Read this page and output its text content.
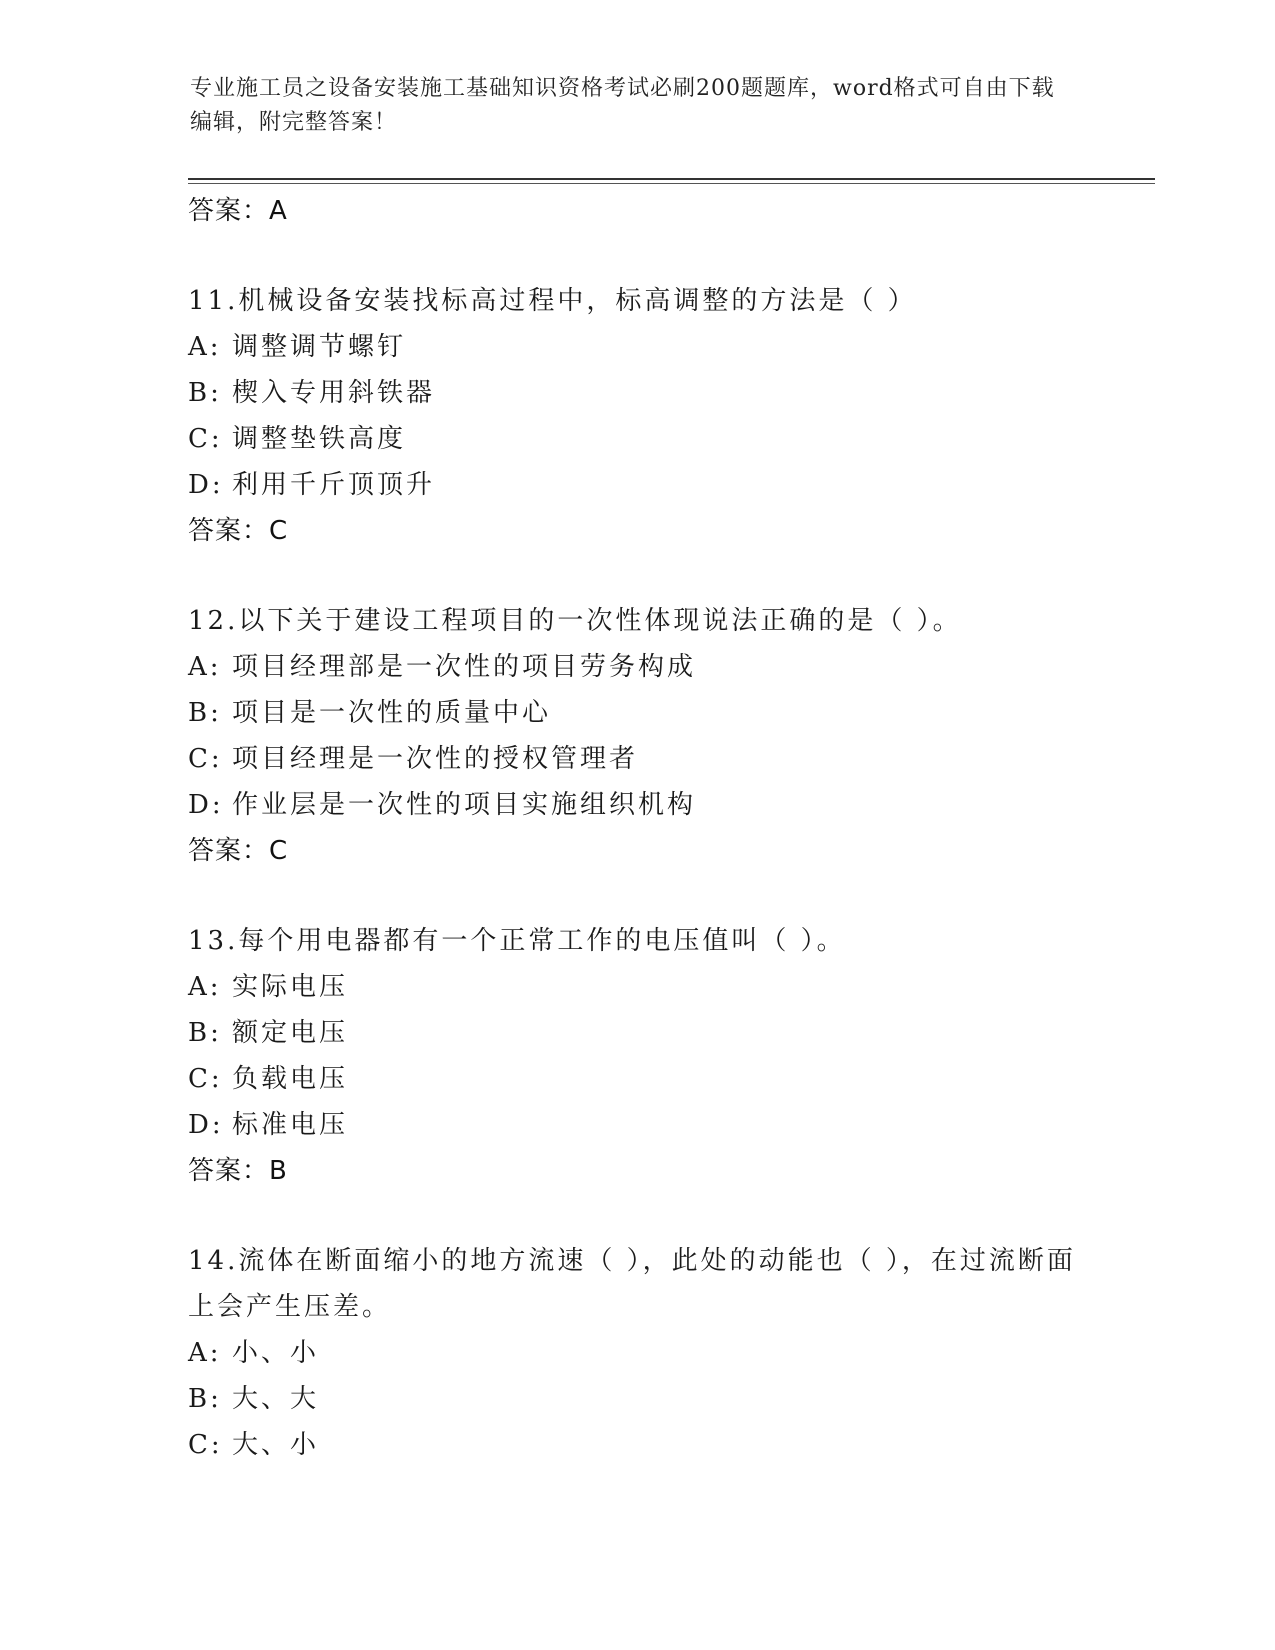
专业施工员之设备安装施工基础知识资格考试必刷200题题库，word格式可自由下载编辑，附完整答案！
答案：A
11.机械设备安装找标高过程中，标高调整的方法是（ ）
A: 调整调节螺钉
B: 楔入专用斜铁器
C: 调整垫铁高度
D: 利用千斤顶顶升
答案：C
12.以下关于建设工程项目的一次性体现说法正确的是（ ）。
A: 项目经理部是一次性的项目劳务构成
B: 项目是一次性的质量中心
C: 项目经理是一次性的授权管理者
D: 作业层是一次性的项目实施组织机构
答案：C
13.每个用电器都有一个正常工作的电压值叫（ ）。
A: 实际电压
B: 额定电压
C: 负载电压
D: 标准电压
答案：B
14.流体在断面缩小的地方流速（ ），此处的动能也（ ），在过流断面上会产生压差。
A: 小、小
B: 大、大
C: 大、小
